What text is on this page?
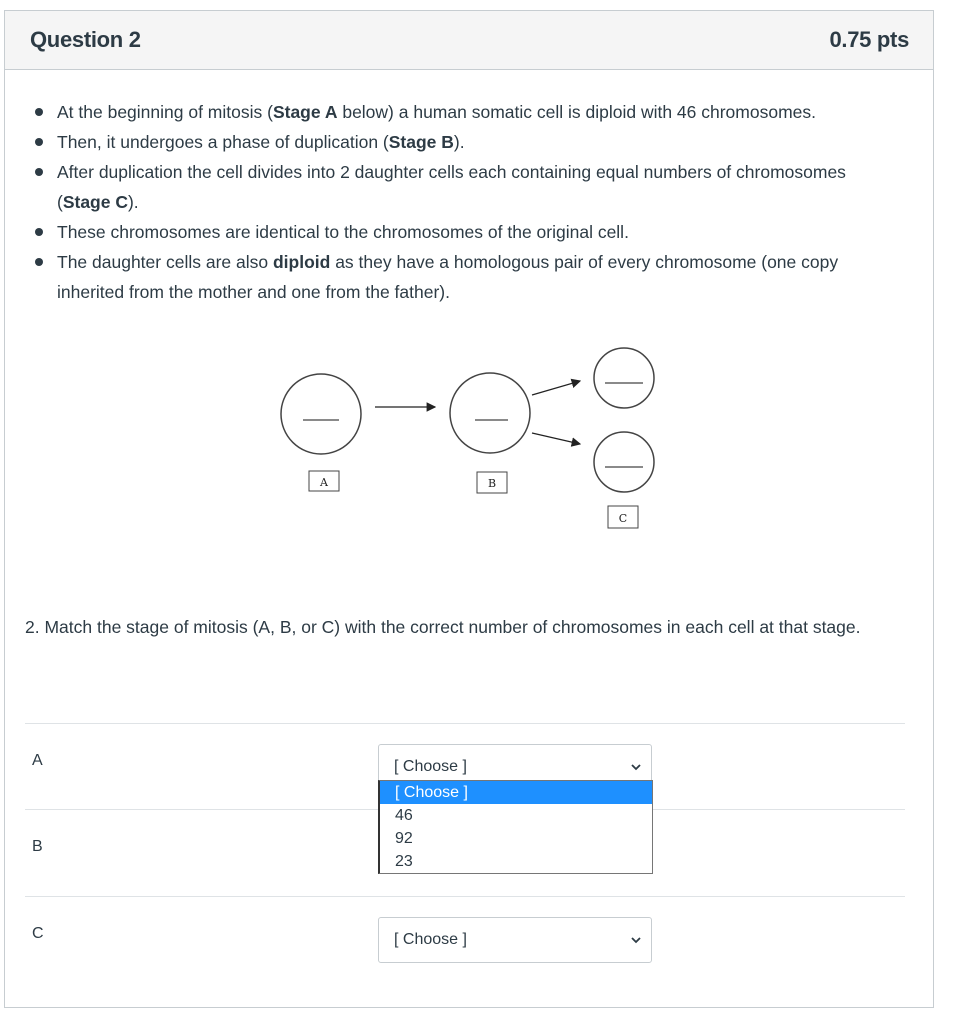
Question 2	0.75 pts
At the beginning of mitosis (Stage A below) a human somatic cell is diploid with 46 chromosomes.
Then, it undergoes a phase of duplication (Stage B).
After duplication the cell divides into 2 daughter cells each containing equal numbers of chromosomes (Stage C).
These chromosomes are identical to the chromosomes of the original cell.
The daughter cells are also diploid as they have a homologous pair of every chromosome (one copy inherited from the mother and one from the father).
A	B
C
2. Match the stage of mitosis (A, B, or C) with the correct number of chromosomes in each cell at that stage.
A
B
C
[ Choose ]
[ Choose ]
46
92
23
[ Choose ]
